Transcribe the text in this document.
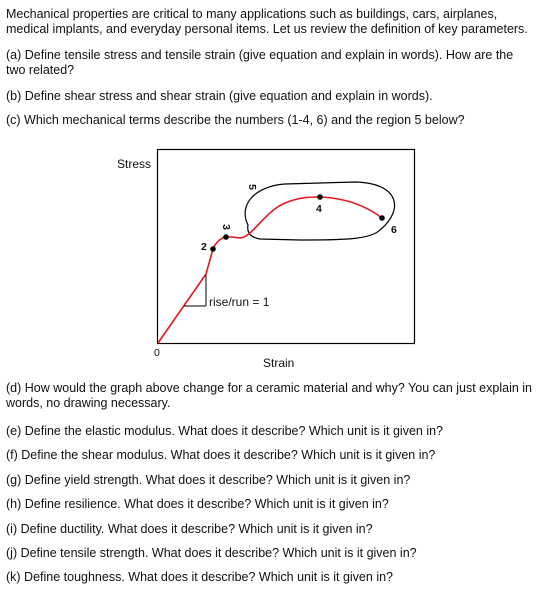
Mechanical properties are critical to many applications such as buildings, cars, airplanes, medical implants, and everyday personal items. Let us review the definition of key parameters.

(a) Define tensile stress and tensile strain (give equation and explain in words). How are the two related?

(b) Define shear stress and shear strain (give equation and explain in words).

(c) Which mechanical terms describe the numbers (1-4, 6) and the region 5 below?

Stress
Strain
0
rise/run = 1
2
3
4
5
6

(d) How would the graph above change for a ceramic material and why? You can just explain in words, no drawing necessary.

(e) Define the elastic modulus. What does it describe? Which unit is it given in?

(f) Define the shear modulus. What does it describe? Which unit is it given in?

(g) Define yield strength. What does it describe? Which unit is it given in?

(h) Define resilience. What does it describe? Which unit is it given in?

(i) Define ductility. What does it describe? Which unit is it given in?

(j) Define tensile strength. What does it describe? Which unit is it given in?

(k) Define toughness. What does it describe? Which unit is it given in?
